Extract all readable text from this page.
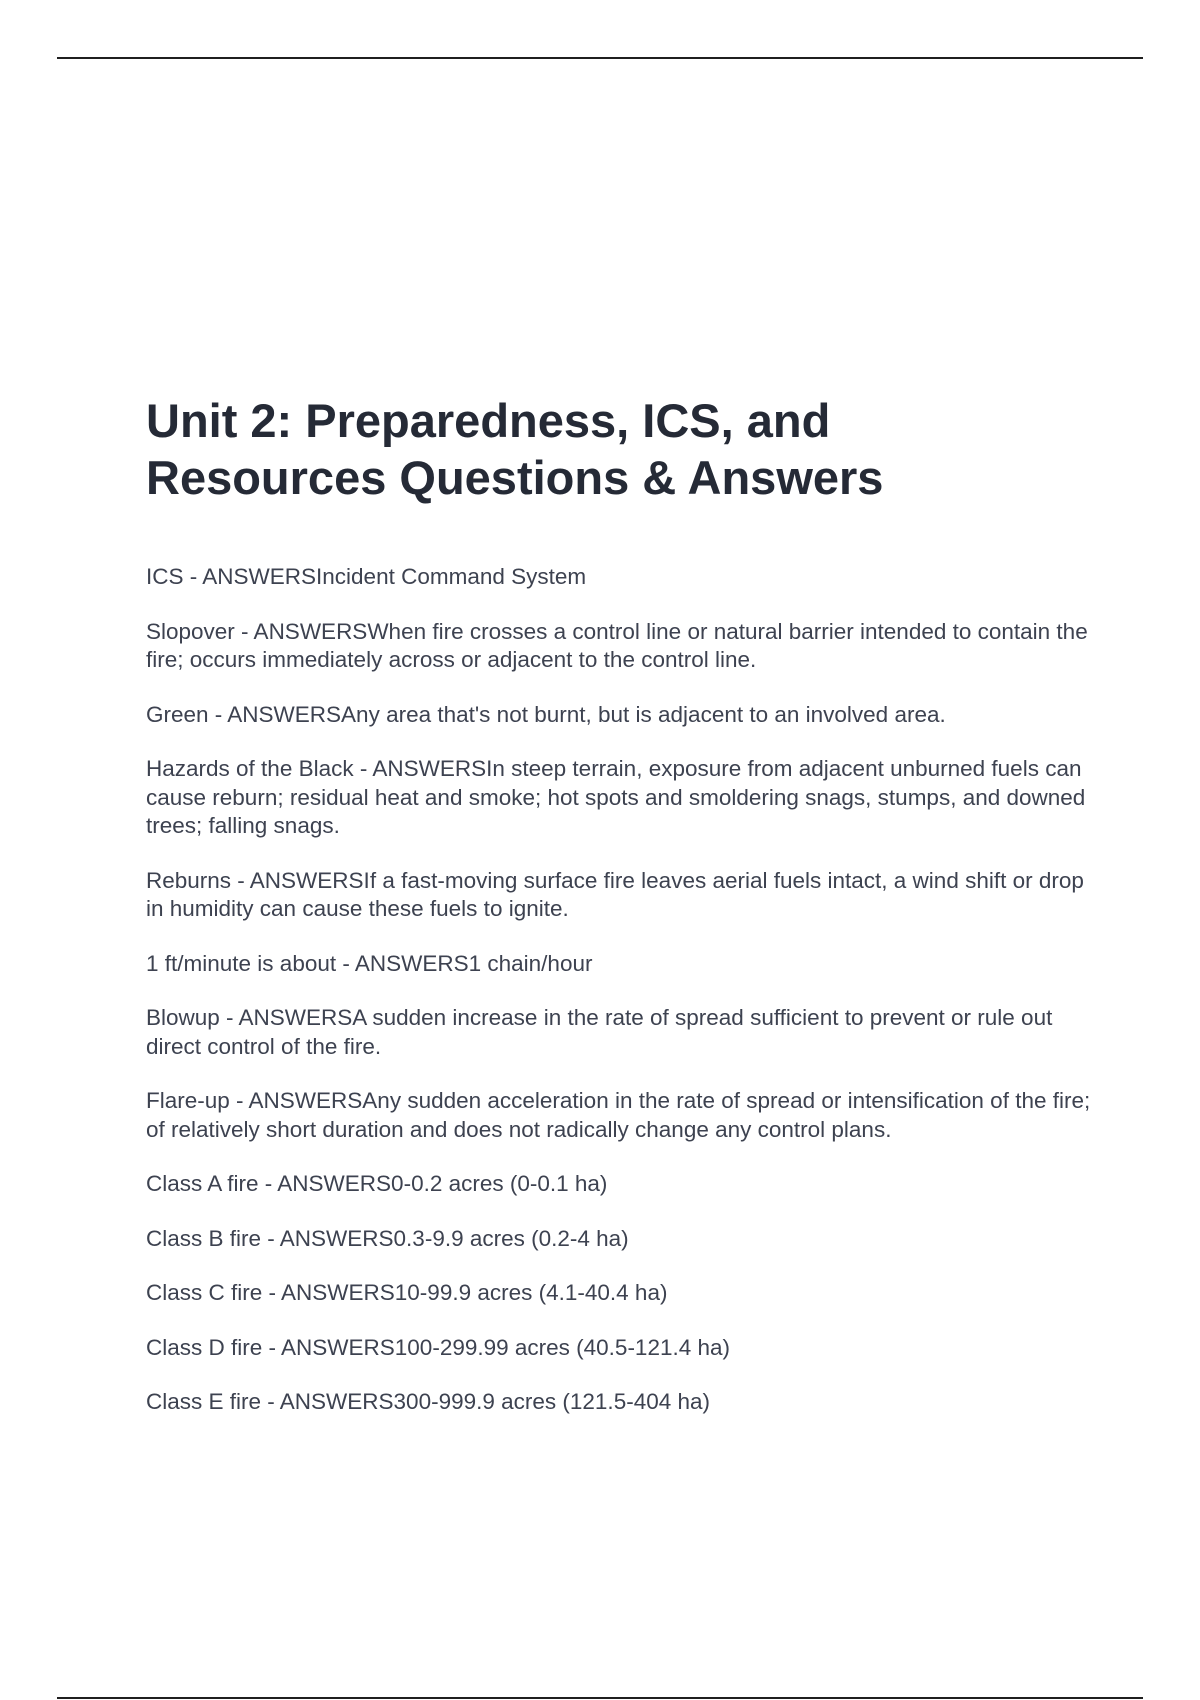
Unit 2: Preparedness, ICS, and
Resources Questions & Answers
ICS - ANSWERSIncident Command System
Slopover - ANSWERSWhen fire crosses a control line or natural barrier intended to contain the fire; occurs immediately across or adjacent to the control line.
Green - ANSWERSAny area that's not burnt, but is adjacent to an involved area.
Hazards of the Black - ANSWERSIn steep terrain, exposure from adjacent unburned fuels can cause reburn; residual heat and smoke; hot spots and smoldering snags, stumps, and downed trees; falling snags.
Reburns - ANSWERSIf a fast-moving surface fire leaves aerial fuels intact, a wind shift or drop in humidity can cause these fuels to ignite.
1 ft/minute is about - ANSWERS1 chain/hour
Blowup - ANSWERSA sudden increase in the rate of spread sufficient to prevent or rule out direct control of the fire.
Flare-up - ANSWERSAny sudden acceleration in the rate of spread or intensification of the fire; of relatively short duration and does not radically change any control plans.
Class A fire - ANSWERS0-0.2 acres (0-0.1 ha)
Class B fire - ANSWERS0.3-9.9 acres (0.2-4 ha)
Class C fire - ANSWERS10-99.9 acres (4.1-40.4 ha)
Class D fire - ANSWERS100-299.99 acres (40.5-121.4 ha)
Class E fire - ANSWERS300-999.9 acres (121.5-404 ha)
